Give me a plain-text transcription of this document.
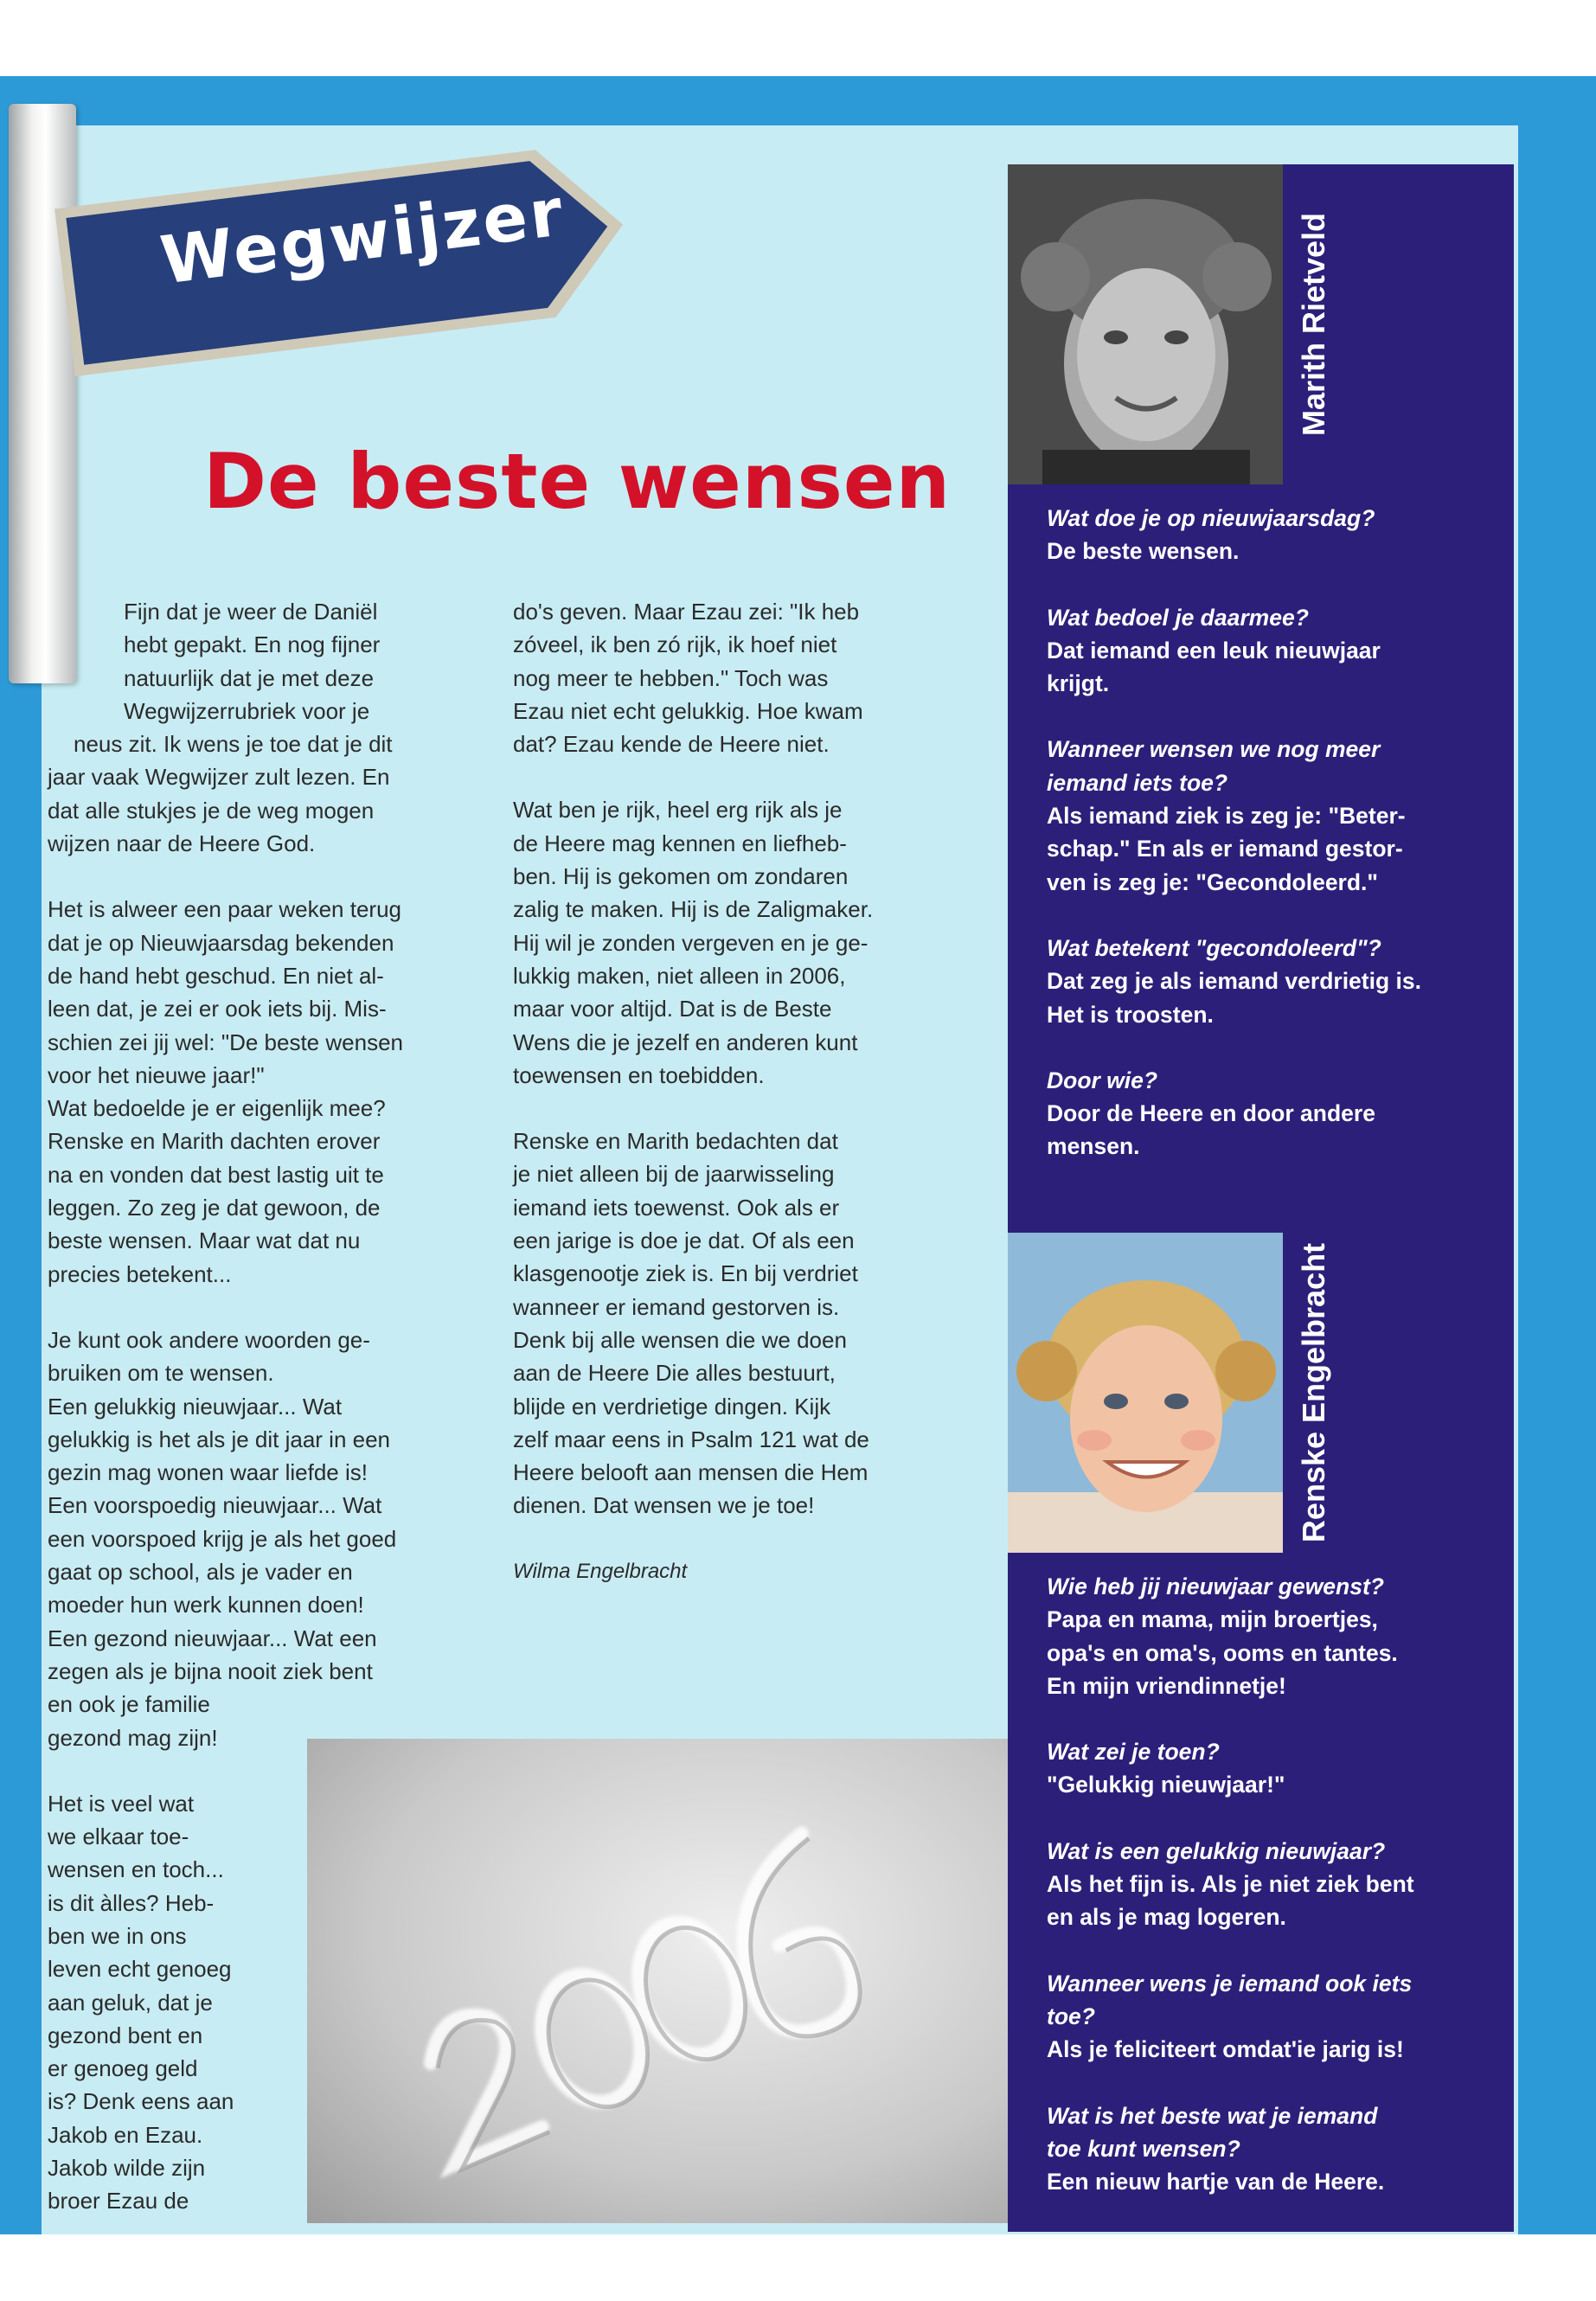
Wegwijzer
De beste wensen

Fijn dat je weer de Daniël
hebt gepakt. En nog fijner
natuurlijk dat je met deze
Wegwijzerrubriek voor je
neus zit. Ik wens je toe dat je dit
jaar vaak Wegwijzer zult lezen. En
dat alle stukjes je de weg mogen
wijzen naar de Heere God.

Het is alweer een paar weken terug
dat je op Nieuwjaarsdag bekenden
de hand hebt geschud. En niet al-
leen dat, je zei er ook iets bij. Mis-
schien zei jij wel: "De beste wensen
voor het nieuwe jaar!"
Wat bedoelde je er eigenlijk mee?
Renske en Marith dachten erover
na en vonden dat best lastig uit te
leggen. Zo zeg je dat gewoon, de
beste wensen. Maar wat dat nu
precies betekent...

Je kunt ook andere woorden ge-
bruiken om te wensen.
Een gelukkig nieuwjaar... Wat
gelukkig is het als je dit jaar in een
gezin mag wonen waar liefde is!
Een voorspoedig nieuwjaar... Wat
een voorspoed krijg je als het goed
gaat op school, als je vader en
moeder hun werk kunnen doen!
Een gezond nieuwjaar... Wat een
zegen als je bijna nooit ziek bent
en ook je familie
gezond mag zijn!

Het is veel wat
we elkaar toe-
wensen en toch...
is dit àlles? Heb-
ben we in ons
leven echt genoeg
aan geluk, dat je
gezond bent en
er genoeg geld
is? Denk eens aan
Jakob en Ezau.
Jakob wilde zijn
broer Ezau de

do's geven. Maar Ezau zei: "Ik heb
zóveel, ik ben zó rijk, ik hoef niet
nog meer te hebben." Toch was
Ezau niet echt gelukkig. Hoe kwam
dat? Ezau kende de Heere niet.

Wat ben je rijk, heel erg rijk als je
de Heere mag kennen en liefheb-
ben. Hij is gekomen om zondaren
zalig te maken. Hij is de Zaligmaker.
Hij wil je zonden vergeven en je ge-
lukkig maken, niet alleen in 2006,
maar voor altijd. Dat is de Beste
Wens die je jezelf en anderen kunt
toewensen en toebidden.

Renske en Marith bedachten dat
je niet alleen bij de jaarwisseling
iemand iets toewenst. Ook als er
een jarige is doe je dat. Of als een
klasgenootje ziek is. En bij verdriet
wanneer er iemand gestorven is.
Denk bij alle wensen die we doen
aan de Heere Die alles bestuurt,
blijde en verdrietige dingen. Kijk
zelf maar eens in Psalm 121 wat de
Heere belooft aan mensen die Hem
dienen. Dat wensen we je toe!

Wilma Engelbracht

Marith Rietveld
Wat doe je op nieuwjaarsdag?
De beste wensen.
Wat bedoel je daarmee?
Dat iemand een leuk nieuwjaar
krijgt.
Wanneer wensen we nog meer
iemand iets toe?
Als iemand ziek is zeg je: "Beter-
schap." En als er iemand gestor-
ven is zeg je: "Gecondoleerd."
Wat betekent "gecondoleerd"?
Dat zeg je als iemand verdrietig is.
Het is troosten.
Door wie?
Door de Heere en door andere
mensen.
Renske Engelbracht
Wie heb jij nieuwjaar gewenst?
Papa en mama, mijn broertjes,
opa's en oma's, ooms en tantes.
En mijn vriendinnetje!
Wat zei je toen?
"Gelukkig nieuwjaar!"
Wat is een gelukkig nieuwjaar?
Als het fijn is. Als je niet ziek bent
en als je mag logeren.
Wanneer wens je iemand ook iets
toe?
Als je feliciteert omdat'ie jarig is!
Wat is het beste wat je iemand
toe kunt wensen?
Een nieuw hartje van de Heere.
